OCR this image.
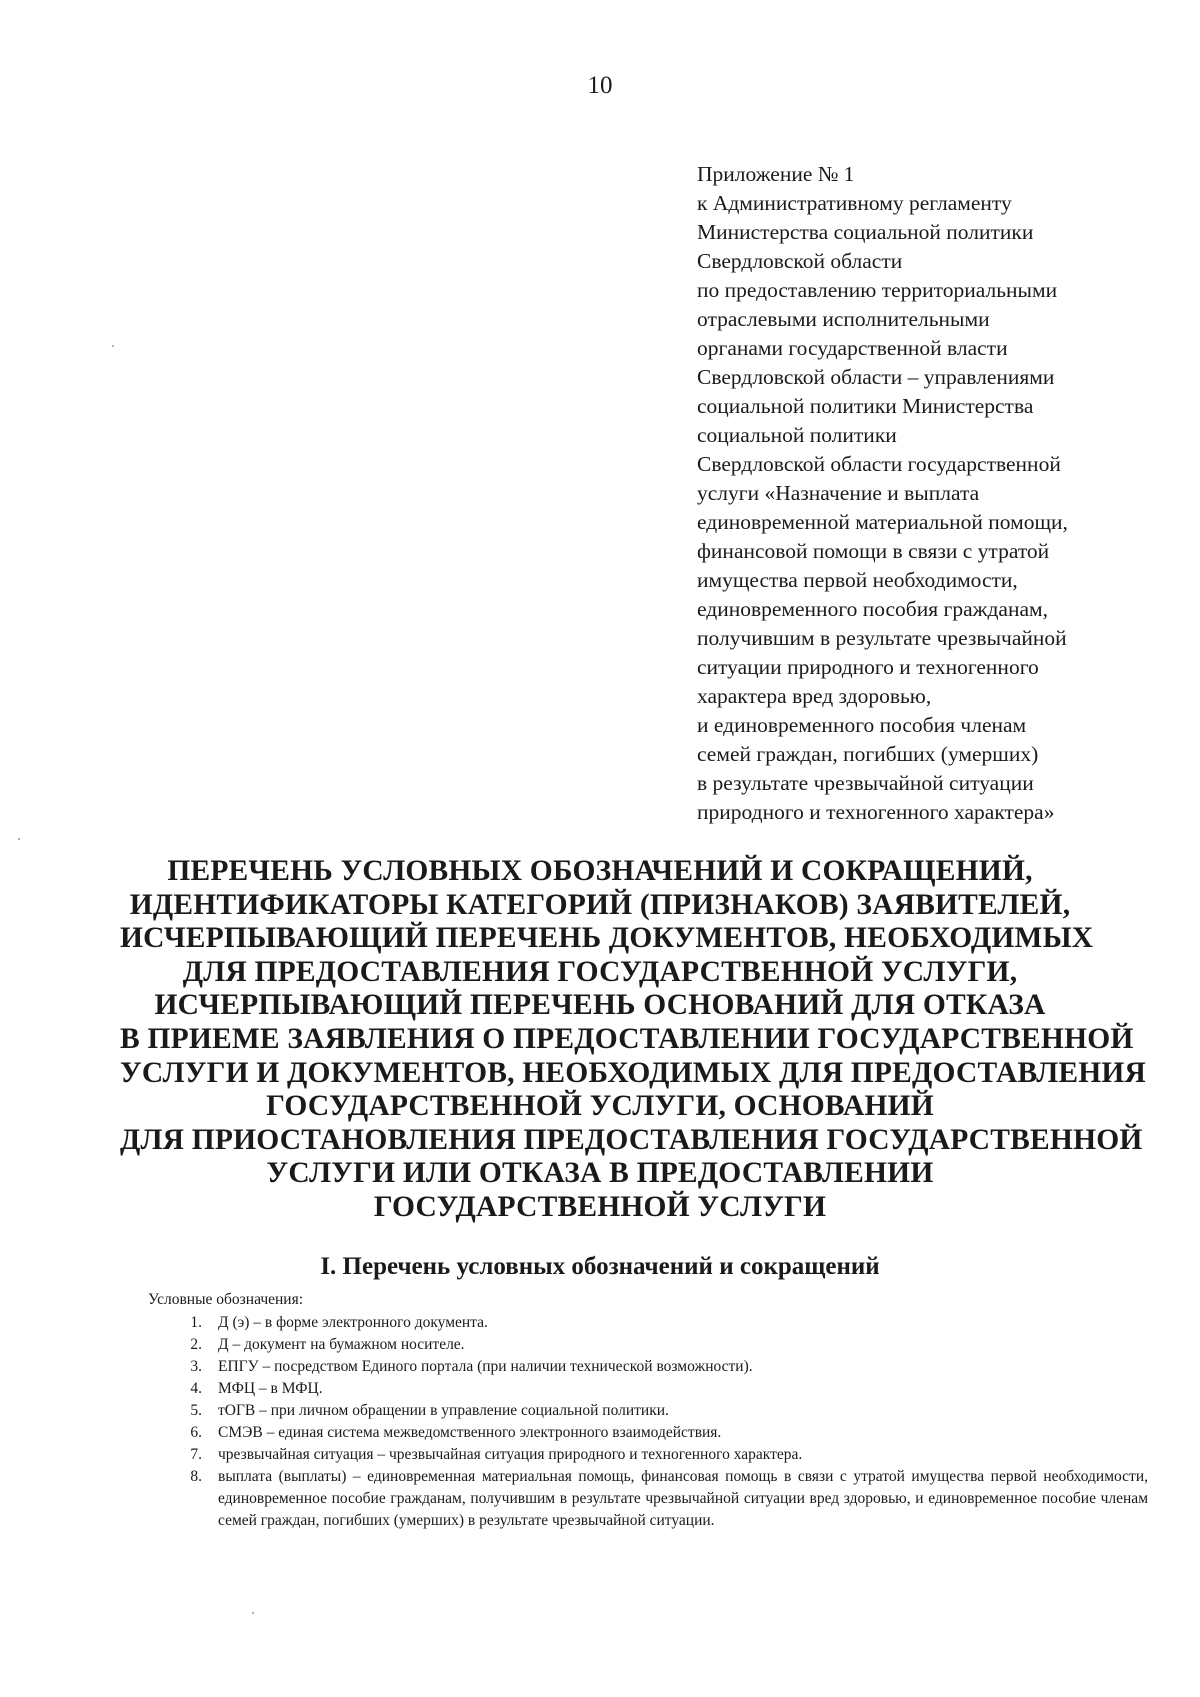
10
Приложение № 1
к Административному регламенту
Министерства социальной политики
Свердловской области
по предоставлению территориальными
отраслевыми исполнительными
органами государственной власти
Свердловской области – управлениями
социальной политики Министерства
социальной политики
Свердловской области государственной
услуги «Назначение и выплата
единовременной материальной помощи,
финансовой помощи в связи с утратой
имущества первой необходимости,
единовременного пособия гражданам,
получившим в результате чрезвычайной
ситуации природного и техногенного
характера вред здоровью,
и единовременного пособия членам
семей граждан, погибших (умерших)
в результате чрезвычайной ситуации
природного и техногенного характера»
ПЕРЕЧЕНЬ УСЛОВНЫХ ОБОЗНАЧЕНИЙ И СОКРАЩЕНИЙ,
ИДЕНТИФИКАТОРЫ КАТЕГОРИЙ (ПРИЗНАКОВ) ЗАЯВИТЕЛЕЙ,
ИСЧЕРПЫВАЮЩИЙ ПЕРЕЧЕНЬ ДОКУМЕНТОВ, НЕОБХОДИМЫХ
ДЛЯ ПРЕДОСТАВЛЕНИЯ ГОСУДАРСТВЕННОЙ УСЛУГИ,
ИСЧЕРПЫВАЮЩИЙ ПЕРЕЧЕНЬ ОСНОВАНИЙ ДЛЯ ОТКАЗА
В ПРИЕМЕ ЗАЯВЛЕНИЯ О ПРЕДОСТАВЛЕНИИ ГОСУДАРСТВЕННОЙ
УСЛУГИ И ДОКУМЕНТОВ, НЕОБХОДИМЫХ ДЛЯ ПРЕДОСТАВЛЕНИЯ
ГОСУДАРСТВЕННОЙ УСЛУГИ, ОСНОВАНИЙ
ДЛЯ ПРИОСТАНОВЛЕНИЯ ПРЕДОСТАВЛЕНИЯ ГОСУДАРСТВЕННОЙ
УСЛУГИ ИЛИ ОТКАЗА В ПРЕДОСТАВЛЕНИИ
ГОСУДАРСТВЕННОЙ УСЛУГИ
I. Перечень условных обозначений и сокращений
Условные обозначения:
1. Д (э) – в форме электронного документа.
2. Д – документ на бумажном носителе.
3. ЕПГУ – посредством Единого портала (при наличии технической возможности).
4. МФЦ – в МФЦ.
5. тОГВ – при личном обращении в управление социальной политики.
6. СМЭВ – единая система межведомственного электронного взаимодействия.
7. чрезвычайная ситуация – чрезвычайная ситуация природного и техногенного характера.
8. выплата (выплаты) – единовременная материальная помощь, финансовая помощь в связи с утратой имущества первой необходимости, единовременное пособие гражданам, получившим в результате чрезвычайной ситуации вред здоровью, и единовременное пособие членам семей граждан, погибших (умерших) в результате чрезвычайной ситуации.
